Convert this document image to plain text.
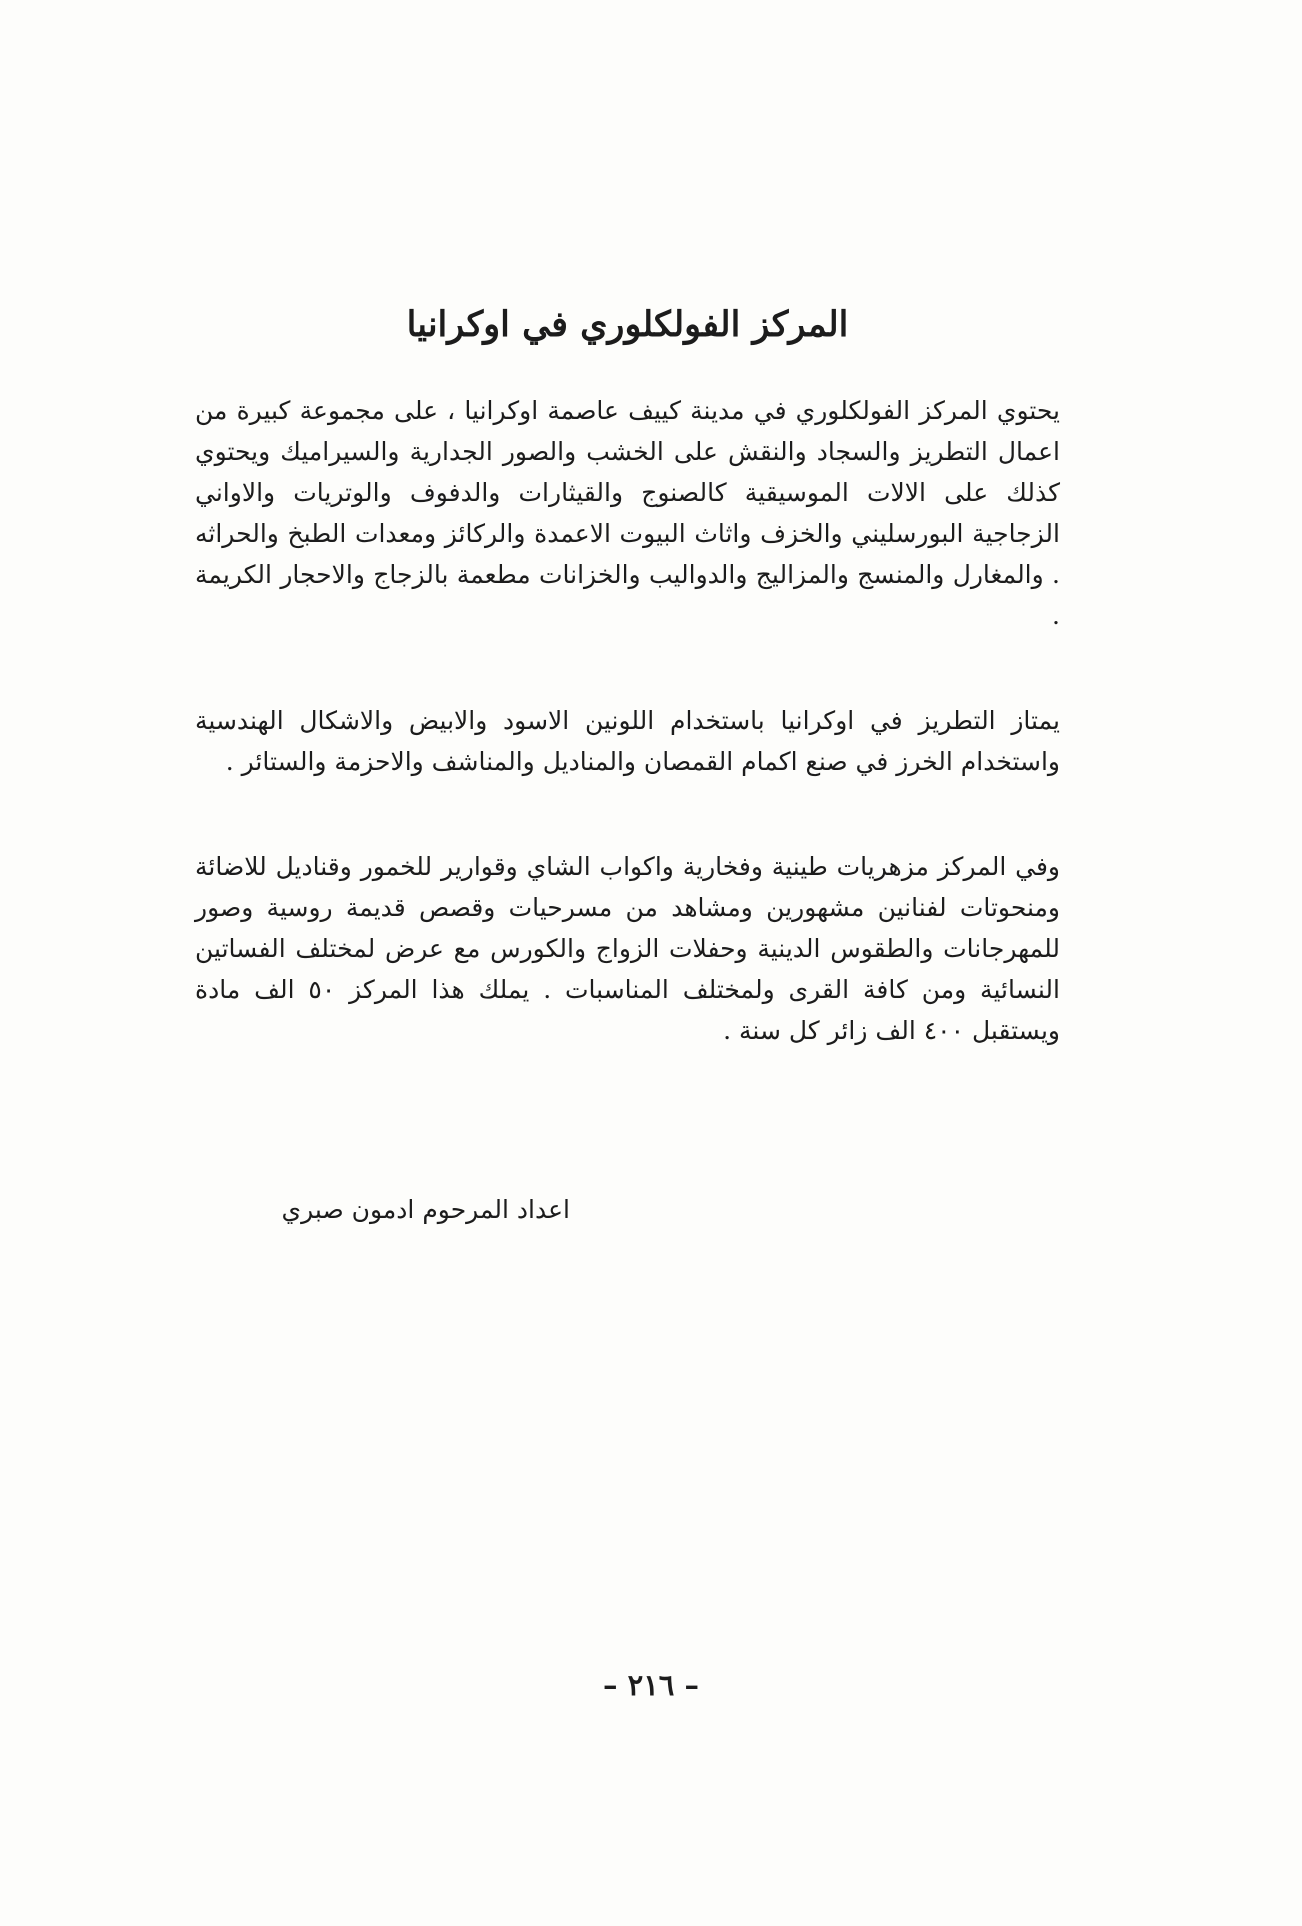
المركز الفولكلوري في اوكرانيا

يحتوي المركز الفولكلوري في مدينة كييف عاصمة اوكرانيا ، على مجموعة كبيرة من اعمال التطريز والسجاد والنقش على الخشب والصور الجدارية والسيراميك ويحتوي كذلك على الالات الموسيقية كالصنوج والقيثارات والدفوف والوتريات والاواني الزجاجية البورسليني والخزف واثاث البيوت الاعمدة والركائز ومعدات الطبخ والحراثه . والمغارل والمنسج والمزاليج والدواليب والخزانات مطعمة بالزجاج والاحجار الكريمة .

يمتاز التطريز في اوكرانيا باستخدام اللونين الاسود والابيض والاشكال الهندسية واستخدام الخرز في صنع اكمام القمصان والمناديل والمناشف والاحزمة والستائر .

وفي المركز مزهريات طينية وفخارية واكواب الشاي وقوارير للخمور وقناديل للاضائة ومنحوتات لفنانين مشهورين ومشاهد من مسرحيات وقصص قديمة روسية وصور للمهرجانات والطقوس الدينية وحفلات الزواج والكورس مع عرض لمختلف الفساتين النسائية ومن كافة القرى ولمختلف المناسبات . يملك هذا المركز ٥٠ الف مادة ويستقبل ٤٠٠ الف زائر كل سنة .

اعداد المرحوم ادمون صبري
– ٢١٦ –
